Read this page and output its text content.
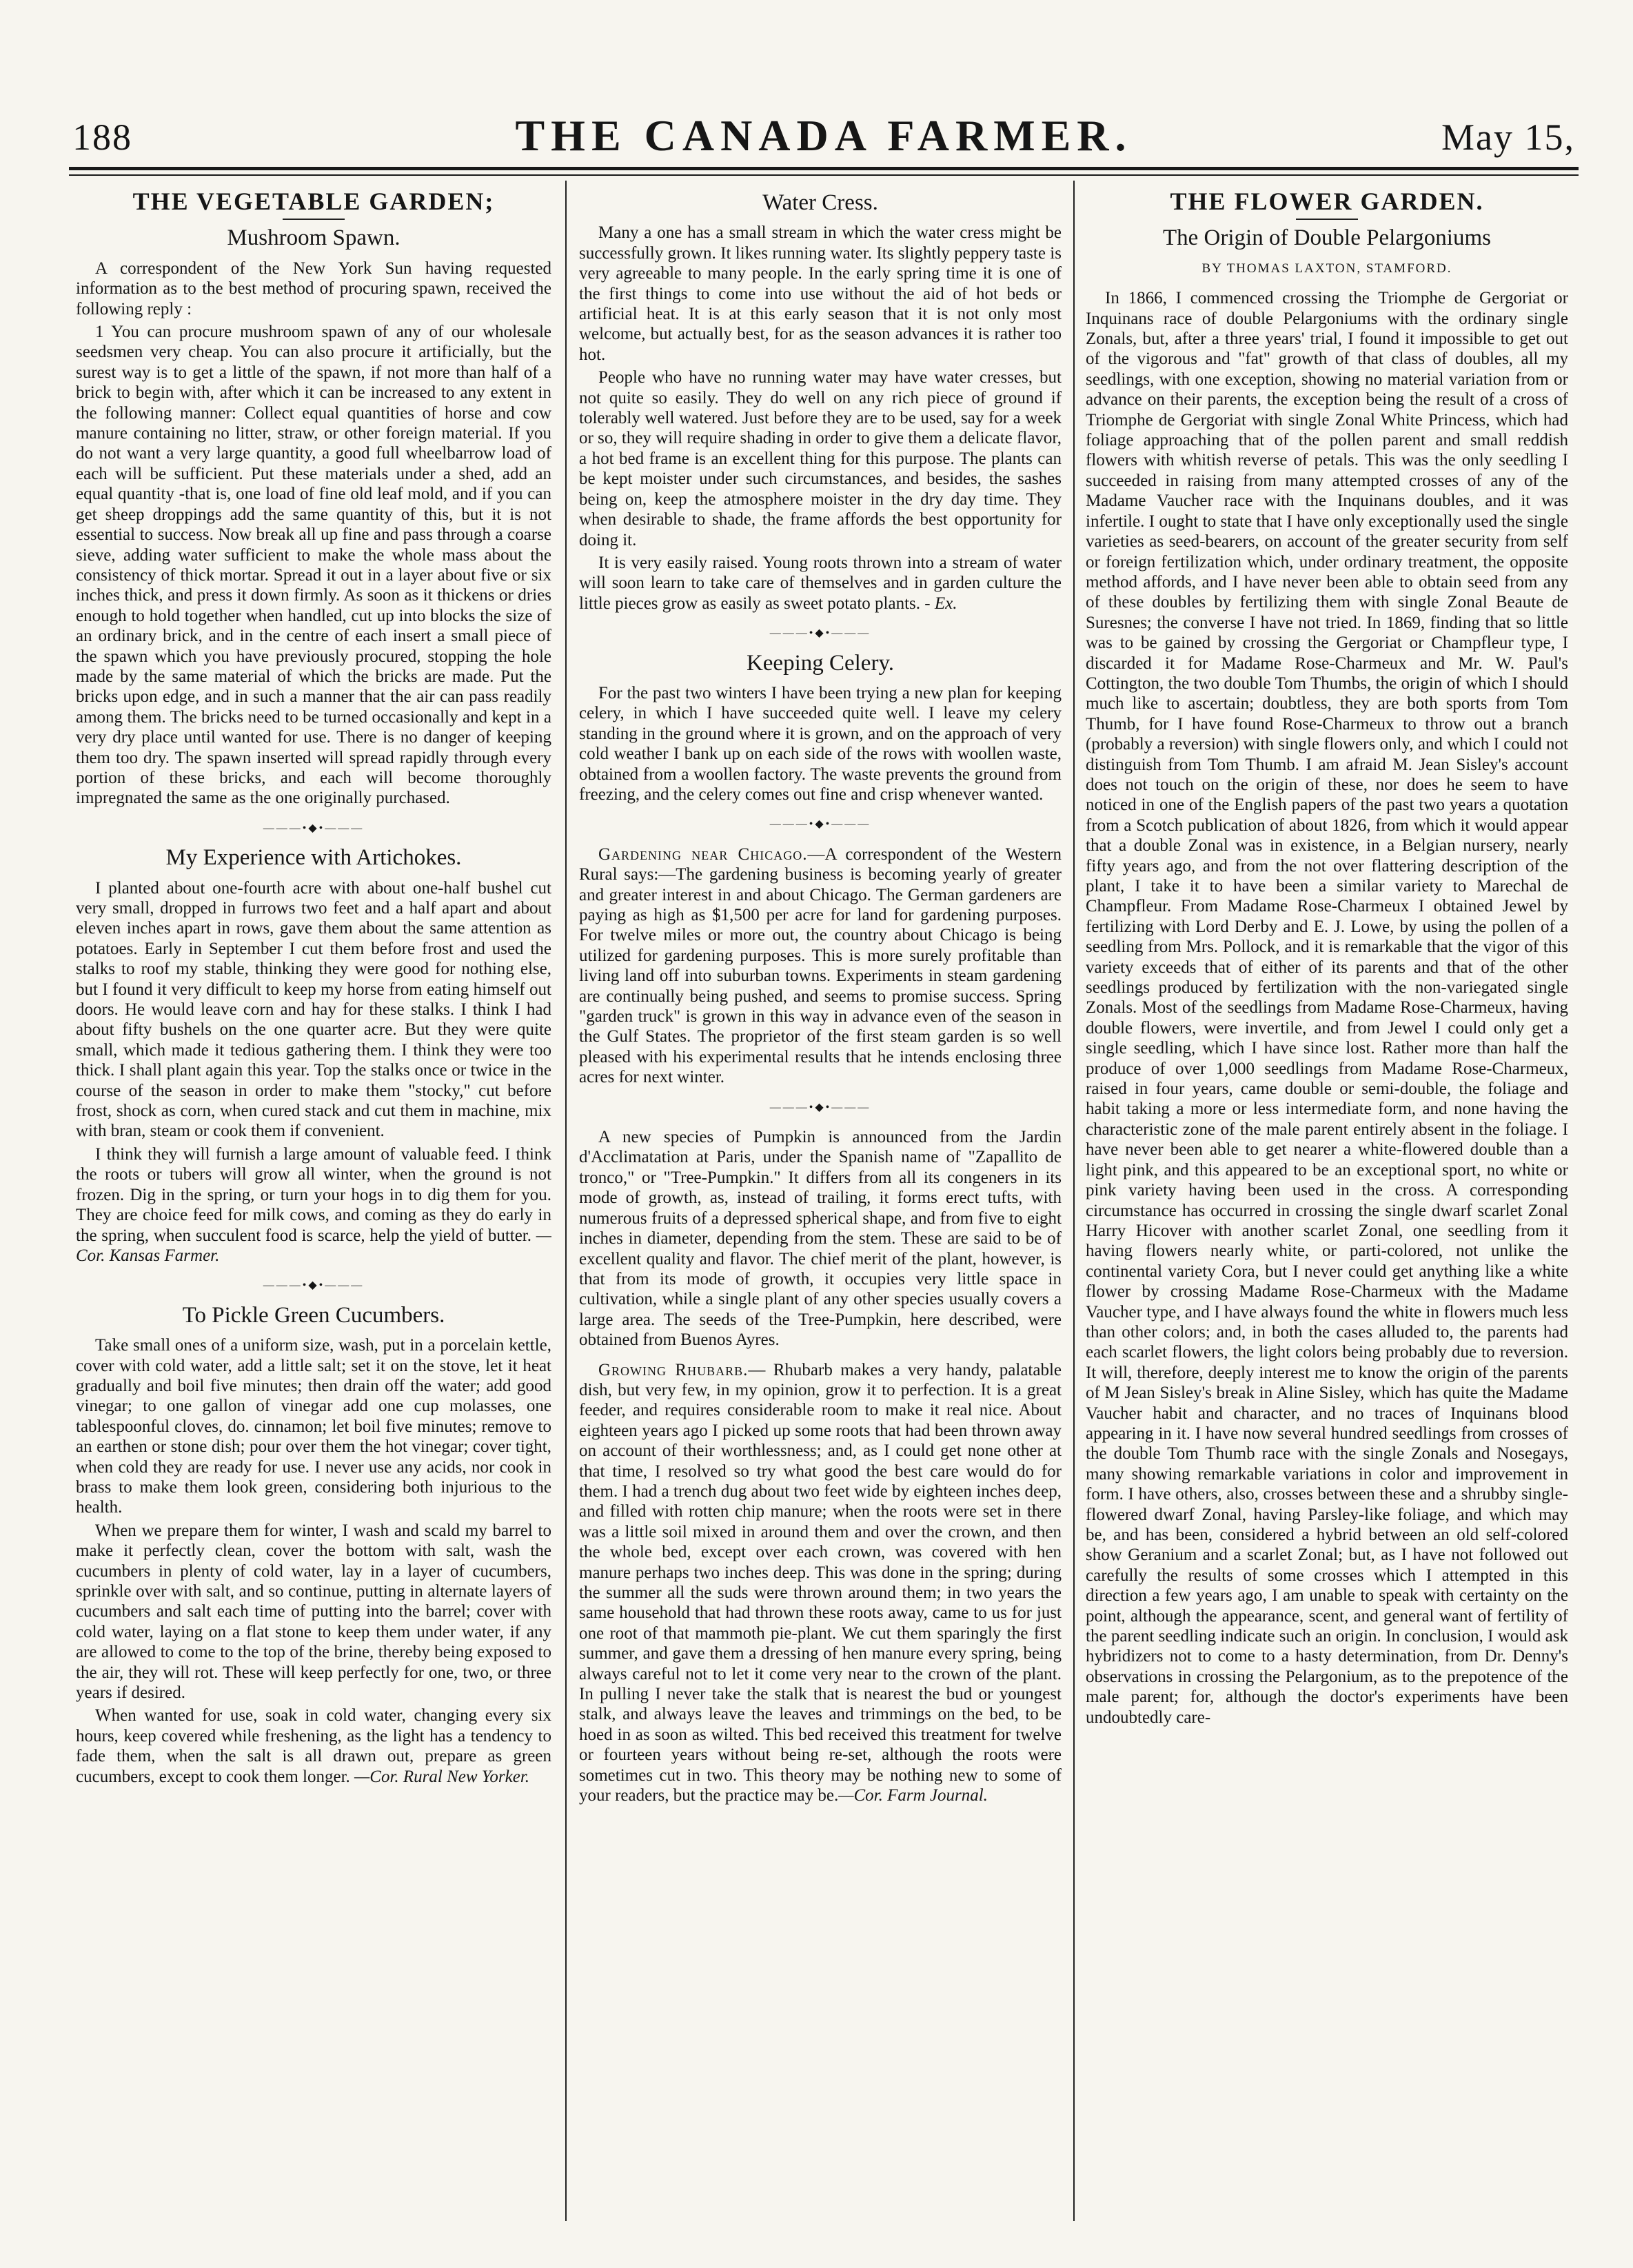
188	THE CANADA FARMER.	May 15,
THE VEGETABLE GARDEN;
Mushroom Spawn.

A correspondent of the New York Sun having requested information as to the best method of procuring spawn, received the following reply :

1 You can procure mushroom spawn of any of our wholesale seedsmen very cheap. You can also procure it artificially, but the surest way is to get a little of the spawn, if not more than half of a brick to begin with, after which it can be increased to any extent in the following manner: Collect equal quantities of horse and cow manure containing no litter, straw, or other foreign material. If you do not want a very large quantity, a good full wheelbarrow load of each will be sufficient. Put these materials under a shed, add an equal quantity -that is, one load of fine old leaf mold, and if you can get sheep droppings add the same quantity of this, but it is not essential to success. Now break all up fine and pass through a coarse sieve, adding water sufficient to make the whole mass about the consistency of thick mortar. Spread it out in a layer about five or six inches thick, and press it down firmly. As soon as it thickens or dries enough to hold together when handled, cut up into blocks the size of an ordinary brick, and in the centre of each insert a small piece of the spawn which you have previously procured, stopping the hole made by the same material of which the bricks are made. Put the bricks upon edge, and in such a manner that the air can pass readily among them. The bricks need to be turned occasionally and kept in a very dry place until wanted for use. There is no danger of keeping them too dry. The spawn inserted will spread rapidly through every portion of these bricks, and each will become thoroughly impregnated the same as the one originally purchased.

———•◆•———
My Experience with Artichokes.

I planted about one-fourth acre with about one-half bushel cut very small, dropped in furrows two feet and a half apart and about eleven inches apart in rows, gave them about the same attention as potatoes. Early in September I cut them before frost and used the stalks to roof my stable, thinking they were good for nothing else, but I found it very difficult to keep my horse from eating himself out doors. He would leave corn and hay for these stalks. I think I had about fifty bushels on the one quarter acre. But they were quite small, which made it tedious gathering them. I think they were too thick. I shall plant again this year. Top the stalks once or twice in the course of the season in order to make them "stocky," cut before frost, shock as corn, when cured stack and cut them in machine, mix with bran, steam or cook them if convenient.

I think they will furnish a large amount of valuable feed. I think the roots or tubers will grow all winter, when the ground is not frozen. Dig in the spring, or turn your hogs in to dig them for you. They are choice feed for milk cows, and coming as they do early in the spring, when succulent food is scarce, help the yield of butter. —Cor. Kansas Farmer.

———•◆•———
To Pickle Green Cucumbers.

Take small ones of a uniform size, wash, put in a porcelain kettle, cover with cold water, add a little salt; set it on the stove, let it heat gradually and boil five minutes; then drain off the water; add good vinegar; to one gallon of vinegar add one cup molasses, one tablespoonful cloves, do. cinnamon; let boil five minutes; remove to an earthen or stone dish; pour over them the hot vinegar; cover tight, when cold they are ready for use. I never use any acids, nor cook in brass to make them look green, considering both injurious to the health.

When we prepare them for winter, I wash and scald my barrel to make it perfectly clean, cover the bottom with salt, wash the cucumbers in plenty of cold water, lay in a layer of cucumbers, sprinkle over with salt, and so continue, putting in alternate layers of cucumbers and salt each time of putting into the barrel; cover with cold water, laying on a flat stone to keep them under water, if any are allowed to come to the top of the brine, thereby being exposed to the air, they will rot. These will keep perfectly for one, two, or three years if desired.

When wanted for use, soak in cold water, changing every six hours, keep covered while freshening, as the light has a tendency to fade them, when the salt is all drawn out, prepare as green cucumbers, except to cook them longer. —Cor. Rural New Yorker.

Water Cress.

Many a one has a small stream in which the water cress might be successfully grown. It likes running water. Its slightly peppery taste is very agreeable to many people. In the early spring time it is one of the first things to come into use without the aid of hot beds or artificial heat. It is at this early season that it is not only most welcome, but actually best, for as the season advances it is rather too hot.

People who have no running water may have water cresses, but not quite so easily. They do well on any rich piece of ground if tolerably well watered. Just before they are to be used, say for a week or so, they will require shading in order to give them a delicate flavor, a hot bed frame is an excellent thing for this purpose. The plants can be kept moister under such circumstances, and besides, the sashes being on, keep the atmosphere moister in the dry day time. They when desirable to shade, the frame affords the best opportunity for doing it.

It is very easily raised. Young roots thrown into a stream of water will soon learn to take care of themselves and in garden culture the little pieces grow as easily as sweet potato plants. - Ex.

———•◆•———
Keeping Celery.

For the past two winters I have been trying a new plan for keeping celery, in which I have succeeded quite well. I leave my celery standing in the ground where it is grown, and on the approach of very cold weather I bank up on each side of the rows with woollen waste, obtained from a woollen factory. The waste prevents the ground from freezing, and the celery comes out fine and crisp whenever wanted.

———•◆•———

Gardening near Chicago.—A correspondent of the Western Rural says:—The gardening business is becoming yearly of greater and greater interest in and about Chicago. The German gardeners are paying as high as $1,500 per acre for land for gardening purposes. For twelve miles or more out, the country about Chicago is being utilized for gardening purposes. This is more surely profitable than living land off into suburban towns. Experiments in steam gardening are continually being pushed, and seems to promise success. Spring "garden truck" is grown in this way in advance even of the season in the Gulf States. The proprietor of the first steam garden is so well pleased with his experimental results that he intends enclosing three acres for next winter.

———•◆•———

A new species of Pumpkin is announced from the Jardin d'Acclimatation at Paris, under the Spanish name of "Zapallito de tronco," or "Tree-Pumpkin." It differs from all its congeners in its mode of growth, as, instead of trailing, it forms erect tufts, with numerous fruits of a depressed spherical shape, and from five to eight inches in diameter, depending from the stem. These are said to be of excellent quality and flavor. The chief merit of the plant, however, is that from its mode of growth, it occupies very little space in cultivation, while a single plant of any other species usually covers a large area. The seeds of the Tree-Pumpkin, here described, were obtained from Buenos Ayres.

Growing Rhubarb.— Rhubarb makes a very handy, palatable dish, but very few, in my opinion, grow it to perfection. It is a great feeder, and requires considerable room to make it real nice. About eighteen years ago I picked up some roots that had been thrown away on account of their worthlessness; and, as I could get none other at that time, I resolved so try what good the best care would do for them. I had a trench dug about two feet wide by eighteen inches deep, and filled with rotten chip manure; when the roots were set in there was a little soil mixed in around them and over the crown, and then the whole bed, except over each crown, was covered with hen manure perhaps two inches deep. This was done in the spring; during the summer all the suds were thrown around them; in two years the same household that had thrown these roots away, came to us for just one root of that mammoth pie-plant. We cut them sparingly the first summer, and gave them a dressing of hen manure every spring, being always careful not to let it come very near to the crown of the plant. In pulling I never take the stalk that is nearest the bud or youngest stalk, and always leave the leaves and trimmings on the bed, to be hoed in as soon as wilted. This bed received this treatment for twelve or fourteen years without being re-set, although the roots were sometimes cut in two. This theory may be nothing new to some of your readers, but the practice may be.—Cor. Farm Journal.

THE FLOWER GARDEN.
The Origin of Double Pelargoniums
BY THOMAS LAXTON, STAMFORD.

In 1866, I commenced crossing the Triomphe de Gergoriat or Inquinans race of double Pelargoniums with the ordinary single Zonals, but, after a three years' trial, I found it impossible to get out of the vigorous and "fat" growth of that class of doubles, all my seedlings, with one exception, showing no material variation from or advance on their parents, the exception being the result of a cross of Triomphe de Gergoriat with single Zonal White Princess, which had foliage approaching that of the pollen parent and small reddish flowers with whitish reverse of petals. This was the only seedling I succeeded in raising from many attempted crosses of any of the Madame Vaucher race with the Inquinans doubles, and it was infertile. I ought to state that I have only exceptionally used the single varieties as seed-bearers, on account of the greater security from self or foreign fertilization which, under ordinary treatment, the opposite method affords, and I have never been able to obtain seed from any of these doubles by fertilizing them with single Zonal Beaute de Suresnes; the converse I have not tried. In 1869, finding that so little was to be gained by crossing the Gergoriat or Champfleur type, I discarded it for Madame Rose-Charmeux and Mr. W. Paul's Cottington, the two double Tom Thumbs, the origin of which I should much like to ascertain; doubtless, they are both sports from Tom Thumb, for I have found Rose-Charmeux to throw out a branch (probably a reversion) with single flowers only, and which I could not distinguish from Tom Thumb. I am afraid M. Jean Sisley's account does not touch on the origin of these, nor does he seem to have noticed in one of the English papers of the past two years a quotation from a Scotch publication of about 1826, from which it would appear that a double Zonal was in existence, in a Belgian nursery, nearly fifty years ago, and from the not over flattering description of the plant, I take it to have been a similar variety to Marechal de Champfleur. From Madame Rose-Charmeux I obtained Jewel by fertilizing with Lord Derby and E. J. Lowe, by using the pollen of a seedling from Mrs. Pollock, and it is remarkable that the vigor of this variety exceeds that of either of its parents and that of the other seedlings produced by fertilization with the non-variegated single Zonals. Most of the seedlings from Madame Rose-Charmeux, having double flowers, were invertile, and from Jewel I could only get a single seedling, which I have since lost. Rather more than half the produce of over 1,000 seedlings from Madame Rose-Charmeux, raised in four years, came double or semi-double, the foliage and habit taking a more or less intermediate form, and none having the characteristic zone of the male parent entirely absent in the foliage. I have never been able to get nearer a white-flowered double than a light pink, and this appeared to be an exceptional sport, no white or pink variety having been used in the cross. A corresponding circumstance has occurred in crossing the single dwarf scarlet Zonal Harry Hicover with another scarlet Zonal, one seedling from it having flowers nearly white, or parti-colored, not unlike the continental variety Cora, but I never could get anything like a white flower by crossing Madame Rose-Charmeux with the Madame Vaucher type, and I have always found the white in flowers much less than other colors; and, in both the cases alluded to, the parents had each scarlet flowers, the light colors being probably due to reversion. It will, therefore, deeply interest me to know the origin of the parents of M Jean Sisley's break in Aline Sisley, which has quite the Madame Vaucher habit and character, and no traces of Inquinans blood appearing in it. I have now several hundred seedlings from crosses of the double Tom Thumb race with the single Zonals and Nosegays, many showing remarkable variations in color and improvement in form. I have others, also, crosses between these and a shrubby single-flowered dwarf Zonal, having Parsley-like foliage, and which may be, and has been, considered a hybrid between an old self-colored show Geranium and a scarlet Zonal; but, as I have not followed out carefully the results of some crosses which I attempted in this direction a few years ago, I am unable to speak with certainty on the point, although the appearance, scent, and general want of fertility of the parent seedling indicate such an origin. In conclusion, I would ask hybridizers not to come to a hasty determination, from Dr. Denny's observations in crossing the Pelargonium, as to the prepotence of the male parent; for, although the doctor's experiments have been undoubtedly care-
